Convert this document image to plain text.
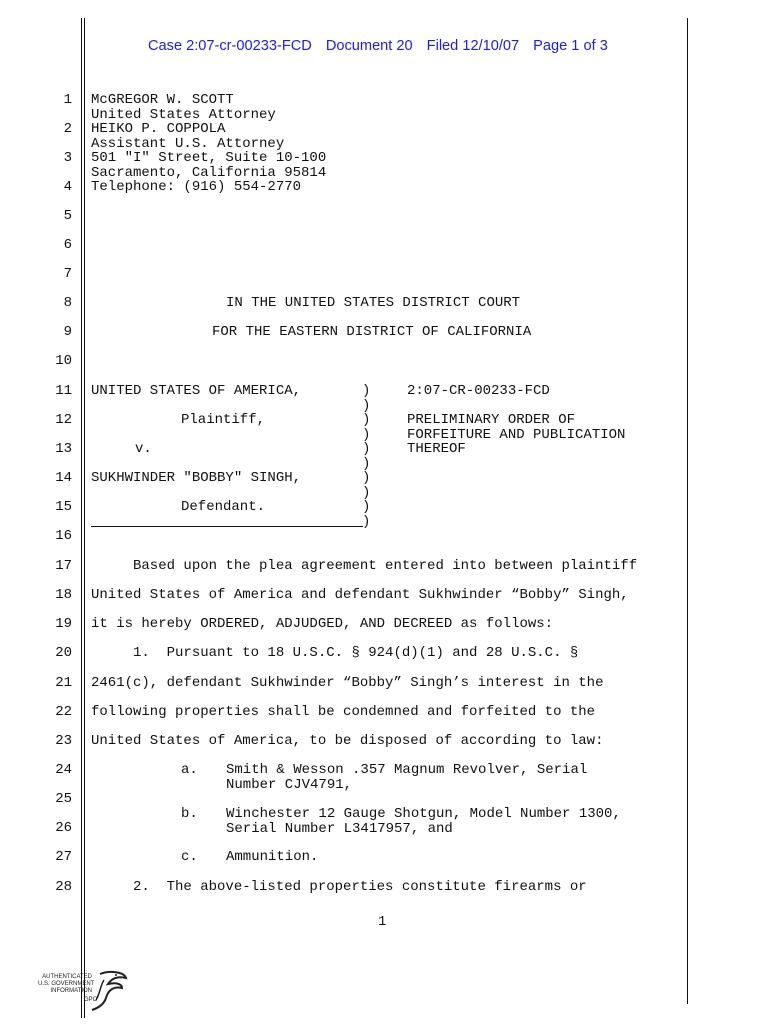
Case 2:07-cr-00233-FCD Document 20 Filed 12/10/07 Page 1 of 3
1
2
3
4
5
6
7
8
9
10
11
12
13
14
15
16
17
18
19
20
21
22
23
24
25
26
27
28
McGREGOR W. SCOTT
United States Attorney
HEIKO P. COPPOLA
Assistant U.S. Attorney
501 "I" Street, Suite 10-100
Sacramento, California 95814
Telephone: (916) 554-2770
IN THE UNITED STATES DISTRICT COURT
FOR THE EASTERN DISTRICT OF CALIFORNIA
UNITED STATES OF AMERICA,
Plaintiff,
v.
SUKHWINDER "BOBBY" SINGH,
Defendant.
)
)
)
)
)
)
)
)
)
)
2:07-CR-00233-FCD
PRELIMINARY ORDER OF
FORFEITURE AND PUBLICATION
THEREOF
Based upon the plea agreement entered into between plaintiff
United States of America and defendant Sukhwinder “Bobby” Singh,
it is hereby ORDERED, ADJUDGED, AND DECREED as follows:
1.  Pursuant to 18 U.S.C. § 924(d)(1) and 28 U.S.C. §
2461(c), defendant Sukhwinder “Bobby” Singh’s interest in the
following properties shall be condemned and forfeited to the
United States of America, to be disposed of according to law:
a. Smith & Wesson .357 Magnum Revolver, Serial
Number CJV4791,
b. Winchester 12 Gauge Shotgun, Model Number 1300,
Serial Number L3417957, and
c. Ammunition.
2.  The above-listed properties constitute firearms or
1
AUTHENTICATED
U.S. GOVERNMENT
INFORMATION
GPO
